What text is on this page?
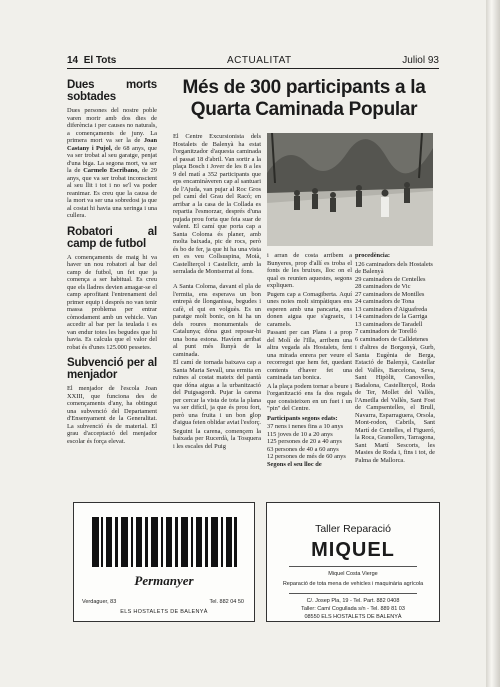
14 El Tots	ACTUALITAT	Juliol 93
Dues morts sobtades

Dues persones del nostre poble varen morir amb dos dies de diferència i per causes no naturals, a començaments de juny. La primera mort va ser la de Joan Castany i Pujol, de 68 anys, que va ser trobat al seu garatge, penjat d'una biga. La segona mort, va ser la de Carmelo Escribano, de 29 anys, que va ser trobat inconscient al seu llit i tot i no se'l va poder reanimar. Es creu que la causa de la mort va ser una sobredosi ja que al costat hi havia una xeringa i una cullera.

Robatori al camp de futbol

A començaments de maig hi va haver un nou robatori al bar del camp de futbol, un fet que ja comença a ser habitual. Es creu que els lladres devien amagar-se el camp aprofitant l'entrenament del primer equip i després no van tenir massa problema per entrar còmodament amb un vehicle. Van accedir al bar per la teulada i es van endur totes les begudes que hi havia. Es calcula que el valor del robat és d'unes 125.000 pessetes.

Subvenció per al menjador

El menjador de l'escola Joan XXIII, que funciona des de començaments d'any, ha obtingut una subvenció del Departament d'Ensenyament de la Generalitat. La subvenció és de material. El grau d'acceptació del menjador escolar és força elevat.

Més de 300 participants a la Quarta Caminada Popular

El Centre Excursionista dels Hostalets de Balenyà ha estat l'organitzador d'aquesta caminada el passat 18 d'abril. Van sortir a la plaça Bosch i Jover de les 8 a les 9 del matí a 352 participants que eps encaminàveren cap al santuari de l'Ajuda, van pujar al Roc Gros pel camí del Grau del Racó; en arribar a la casa de la Collada es repartia l'esmorzar, després d'una pujada prou forta que feia suar de valent. El camí que porta cap a Santa Coloma és planer, amb molta baixada, pic de rocs, però és bo de fer, ja que hi ha una vista en es veu Collsuspina, Moià, Castellterçol i Castellcir, amb la serralada de Montserrat al fons.

A Santa Coloma, davant el pla de l'ermita, ens esperava un bon entrepà de llonganissa, begudes i cafè, el qui en volguès. Es un paratge molt bonic, on hi ha un dels roures monumentals de Catalunya; dóna gust reposar-hi una bona estona. Havíem arribat al punt més llunyà de la caminada.

El camí de tornada baixava cap a Santa Maria Sevall, una ermita en ruïnes al costat mateix del pantà que dóna aigua a la urbanització del Puigsagordi. Pujar la carena per cercar la vista de tota la plana va ser difícil, ja que és prou fort, però una fruita i un bon glop d'aigua feien oblidar aviat l'esforç.

Seguint la carena, començem la baixada per Rucerdà, la Tosquera i les escales del Puig

i arran de costa arribem a Bunyeres, prop d'allí es troba el fonts de les bruixes, lloc on el qual es reunien aquestes, segons expliquen.

Pugem cap a Comagiberta. Aquí unes noies molt simpàtiques ens esperen amb una pancarta, ens donen aigua que s'agraeix, i caramels.

Passant per can Plans i a prop del Molí de l'Illa, arribem una altra vegada als Hostalets, fent una mirada enrera per veure el recorregut que hem fet, quedant contents d'haver fet una caminada tan bonica.

A la plaça podem tornar a beure i l'organització ens fa dos regals que consisteixen en un fuet i un "pin" del Centre.

Participants segons edats:

37 nens i nenes fins a 10 anys
115 joves de 10 a 20 anys
125 persones de 20 a 40 anys
63 persones de 40 a 60 anys
12 persones de més de 60 anys

Segons el seu lloc de

procedència:

126 caminadors dels Hostalets de Balenyà
29 caminadors de Centelles
28 caminadors de Vic
27 caminadors de Montlles
24 caminadors de Tona
13 caminadors d'Aiguafreda
14 caminadors de la Garriga
13 caminadors de Taradell
7 caminadors de Torelló
6 caminadors de Calldetenes

i d'altres de Borgonyà, Gurb, Santa Eugènia de Berga, Estació de Balenyà, Castellar del Vallès, Barcelona, Seva, Sant Hipòlit, Canovelles, Badalona, Castellterçol, Roda de Ter, Mollet del Vallès, l'Ametlla del Vallès, Sant Fost de Campsentelles, el Brull, Navarra, Esparraguera, Orsola, Mont-rodon, Cabrils, Sant Martí de Centelles, el Figueró, la Roca, Granollers, Tarragona, Sant Martí Sescorts, les Masies de Roda i, fins i tot, de Palma de Mallorca.

Permanyer
Verdaguer, 83	Tel. 882 04 50
ELS HOSTALETS DE BALENYÀ
Taller Reparació
MIQUEL
Miquel Costa Vierge
Reparació de tota mena de vehicles i maquinària agrícola
C/. Josep Pla, 19 - Tel. Part. 882 0408
Taller: Camí Cogullada s/n - Tel. 889 81 03
08550 ELS HOSTALETS DE BALENYÀ
